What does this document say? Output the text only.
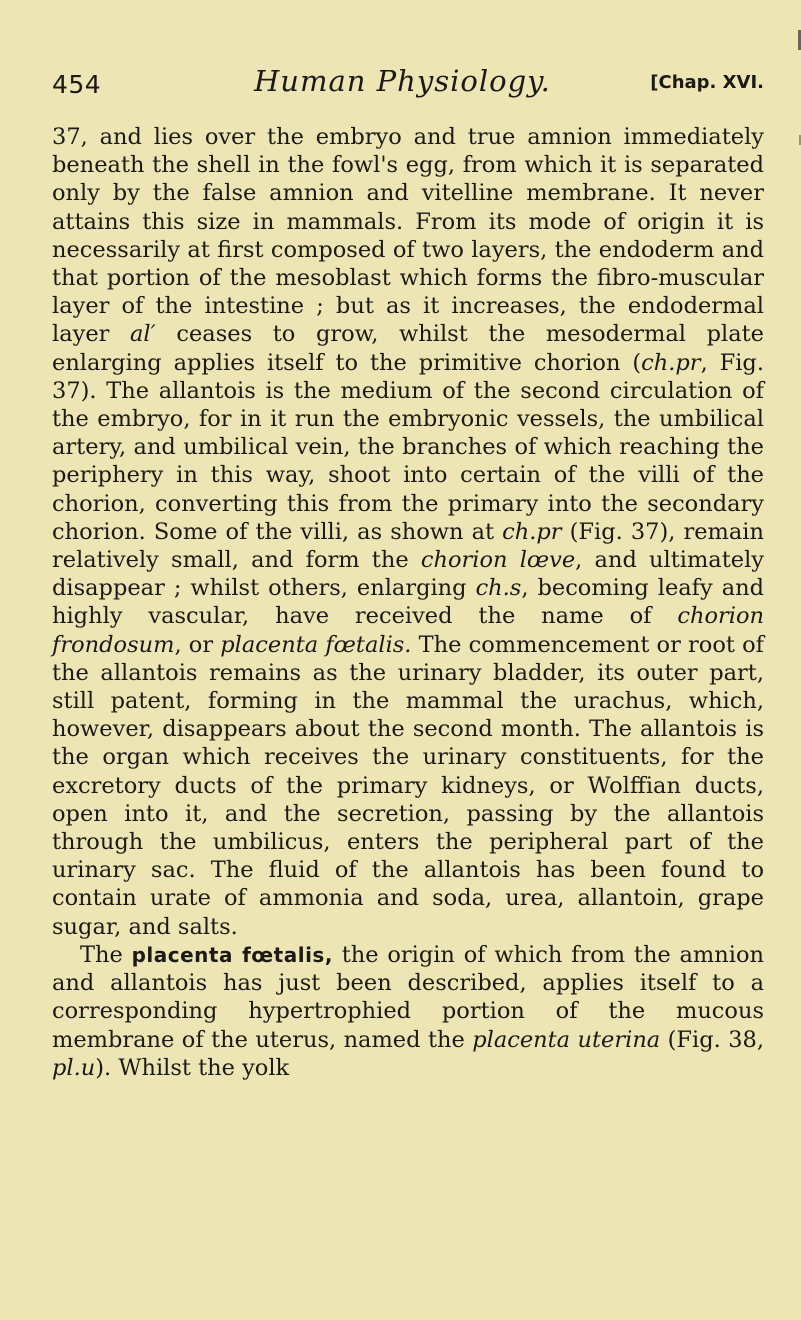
454	Human Physiology.	[Chap. XVI.

37, and lies over the embryo and true amnion immediately beneath the shell in the fowl's egg, from which it is separated only by the false amnion and vitelline membrane. It never attains this size in mammals. From its mode of origin it is necessarily at first composed of two layers, the endoderm and that portion of the mesoblast which forms the fibro-muscular layer of the intestine ; but as it increases, the endodermal layer al′ ceases to grow, whilst the mesodermal plate enlarging applies itself to the primitive chorion (ch.pr, Fig. 37). The allantois is the medium of the second circulation of the embryo, for in it run the embryonic vessels, the umbilical artery, and umbilical vein, the branches of which reaching the periphery in this way, shoot into certain of the villi of the chorion, converting this from the primary into the secondary chorion. Some of the villi, as shown at ch.pr (Fig. 37), remain relatively small, and form the chorion lœve, and ultimately disappear ; whilst others, enlarging ch.s, becoming leafy and highly vascular, have received the name of chorion frondosum, or placenta fœtalis. The commencement or root of the allantois remains as the urinary bladder, its outer part, still patent, forming in the mammal the urachus, which, however, disappears about the second month. The allantois is the organ which receives the urinary constituents, for the excretory ducts of the primary kidneys, or Wolffian ducts, open into it, and the secretion, passing by the allantois through the umbilicus, enters the peripheral part of the urinary sac. The fluid of the allantois has been found to contain urate of ammonia and soda, urea, allantoin, grape sugar, and salts.

The placenta fœtalis, the origin of which from the amnion and allantois has just been described, applies itself to a corresponding hypertrophied portion of the mucous membrane of the uterus, named the placenta uterina (Fig. 38, pl.u). Whilst the yolk
